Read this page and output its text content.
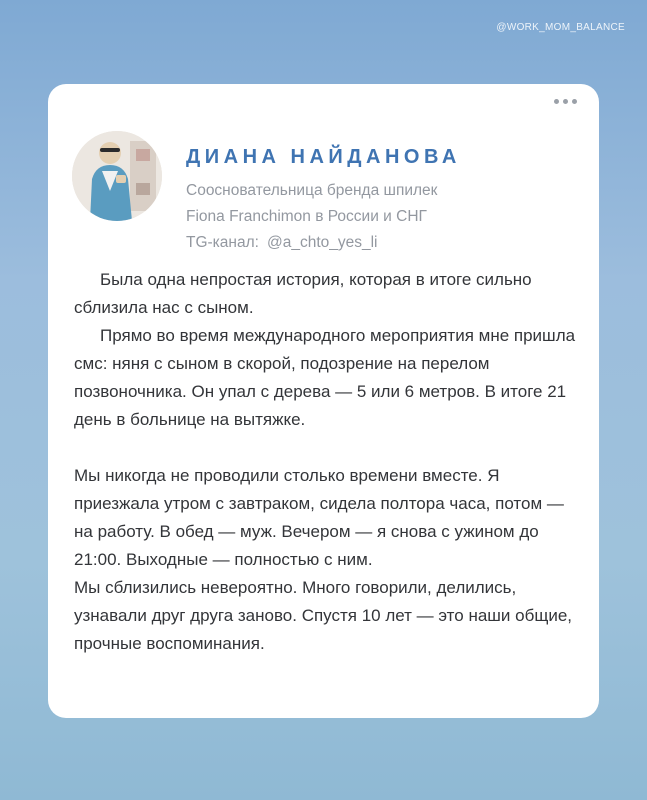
@WORK_MOM_BALANCE
ДИАНА НАЙДАНОВА
Соосновательница бренда шпилек
Fiona Franchimon в России и СНГ
TG-канал: @a_chto_yes_li

Была одна непростая история, которая в итоге сильно сблизила нас с сыном.

Прямо во время международного мероприятия мне пришла смс: няня с сыном в скорой, подозрение на перелом позвоночника. Он упал с дерева — 5 или 6 метров. В итоге 21 день в больнице на вытяжке.

Мы никогда не проводили столько времени вместе. Я приезжала утром с завтраком, сидела полтора часа, потом — на работу. В обед — муж. Вечером — я снова с ужином до 21:00. Выходные — полностью с ним.

Мы сблизились невероятно. Много говорили, делились, узнавали друг друга заново. Спустя 10 лет — это наши общие, прочные воспоминания.
